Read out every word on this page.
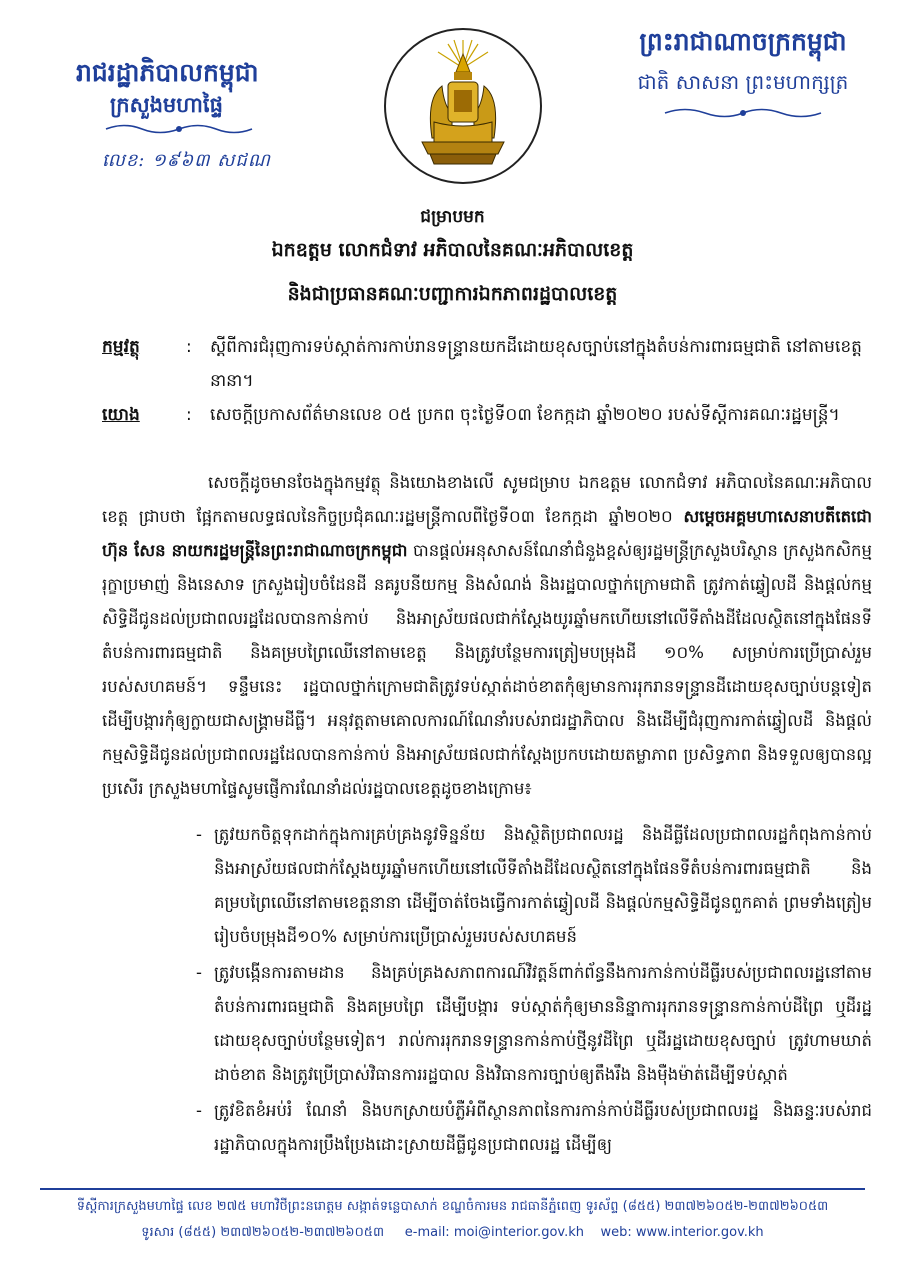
រាជរដ្ឋាភិបាលកម្ពុជា
ក្រសួងមហាផ្ទៃ
លេខ: ១៩៦៣ សជណ
ព្រះរាជាណាចក្រកម្ពុជា
ជាតិ សាសនា ព្រះមហាក្សត្រ
ជម្រាបមក
ឯកឧត្តម លោកជំទាវ អភិបាលនៃគណៈអភិបាលខេត្ត
និងជាប្រធានគណៈបញ្ជាការឯកភាពរដ្ឋបាលខេត្ត
កម្មវត្ថុ	: ស្តីពីការជំរុញការទប់ស្កាត់ការកាប់រានទន្ទ្រានយកដីដោយខុសច្បាប់នៅក្នុងតំបន់ការពារធម្មជាតិ នៅតាមខេត្តនានា។
យោង	: សេចក្តីប្រកាសព័ត៌មានលេខ ០៥ ប្រកព ចុះថ្ងៃទី០៣ ខែកក្កដា ឆ្នាំ២០២០ របស់ទីស្តីការគណៈរដ្ឋមន្ត្រី។
សេចក្តីដូចមានចែងក្នុងកម្មវត្ថុ និងយោងខាងលើ សូមជម្រាប ឯកឧត្តម លោកជំទាវ អភិបាលនៃគណៈអភិបាលខេត្ត ជ្រាបថា ផ្អែកតាមលទ្ធផលនៃកិច្ចប្រជុំគណៈរដ្ឋមន្ត្រីកាលពីថ្ងៃទី០៣ ខែកក្កដា ឆ្នាំ២០២០ សម្តេចអគ្គមហាសេនាបតីតេជោ ហ៊ុន សែន នាយករដ្ឋមន្ត្រីនៃព្រះរាជាណាចក្រកម្ពុជា បានផ្តល់អនុសាសន៍ណែនាំជំនួងខ្ពស់ឲ្យរដ្ឋមន្ត្រីក្រសួងបរិស្ថាន ក្រសួងកសិកម្ម រុក្ខាប្រមាញ់ និងនេសាទ ក្រសួងរៀបចំដែនដី នគរូបនីយកម្ម និងសំណង់ និងរដ្ឋបាលថ្នាក់ក្រោមជាតិ ត្រូវកាត់ឆ្វៀលដី និងផ្តល់កម្មសិទ្ធិដីជូនដល់ប្រជាពលរដ្ឋដែលបានកាន់កាប់ និងអាស្រ័យផលជាក់ស្តែងយូរឆ្នាំមកហើយនៅលើទីតាំងដីដែលស្ថិតនៅក្នុងផែនទីតំបន់ការពារធម្មជាតិ និងគម្របព្រៃឈើនៅតាមខេត្ត និងត្រូវបន្ថែមការត្រៀមបម្រុងដី ១០% សម្រាប់ការប្រើប្រាស់រួមរបស់សហគមន៍។ ទន្ទឹមនេះ រដ្ឋបាលថ្នាក់ក្រោមជាតិត្រូវទប់ស្កាត់ដាច់ខាតកុំឲ្យមានការរុករានទន្ទ្រានដីដោយខុសច្បាប់បន្តទៀត ដើម្បីបង្ការកុំឲ្យក្លាយជាសង្គ្រាមដីធ្លី។ អនុវត្តតាមគោលការណ៍ណែនាំរបស់រាជរដ្ឋាភិបាល និងដើម្បីជំរុញការកាត់ឆ្វៀលដី និងផ្តល់កម្មសិទ្ធិដីជូនដល់ប្រជាពលរដ្ឋដែលបានកាន់កាប់ និងអាស្រ័យផលជាក់ស្តែងប្រកបដោយតម្លាភាព ប្រសិទ្ធភាព និងទទួលឲ្យបានល្អប្រសើរ ក្រសួងមហាផ្ទៃសូមផ្ញើការណែនាំដល់រដ្ឋបាលខេត្តដូចខាងក្រោម៖
- ត្រូវយកចិត្តទុកដាក់ក្នុងការគ្រប់គ្រងនូវទិន្នន័យ និងស្ថិតិប្រជាពលរដ្ឋ និងដីធ្លីដែលប្រជាពលរដ្ឋកំពុងកាន់កាប់ និងអាស្រ័យផលជាក់ស្តែងយូរឆ្នាំមកហើយនៅលើទីតាំងដីដែលស្ថិតនៅក្នុងផែនទីតំបន់ការពារធម្មជាតិ និងគម្របព្រៃឈើនៅតាមខេត្តនានា ដើម្បីចាត់ចែងធ្វើការកាត់ឆ្វៀលដី និងផ្តល់កម្មសិទ្ធិដីជូនពួកគាត់ ព្រមទាំងត្រៀមរៀបចំបម្រុងដី១០% សម្រាប់ការប្រើប្រាស់រួមរបស់សហគមន៍
- ត្រូវបង្កើនការតាមដាន និងគ្រប់គ្រងសភាពការណ៍វិវត្តន៍ពាក់ព័ន្ធនឹងការកាន់កាប់ដីធ្លីរបស់ប្រជាពលរដ្ឋនៅតាមតំបន់ការពារធម្មជាតិ និងគម្របព្រៃ ដើម្បីបង្ការ ទប់ស្កាត់កុំឲ្យមាននិន្នាការរុករានទន្ទ្រានកាន់កាប់ដីព្រៃ ឬដីរដ្ឋដោយខុសច្បាប់បន្ថែមទៀត។ រាល់ការរុករានទន្ទ្រានកាន់កាប់ថ្មីនូវដីព្រៃ ឬដីរដ្ឋដោយខុសច្បាប់ ត្រូវហាមឃាត់ដាច់ខាត និងត្រូវប្រើប្រាស់វិធានការរដ្ឋបាល និងវិធានការច្បាប់ឲ្យតឹងរឹង និងម៉ឺងម៉ាត់ដើម្បីទប់ស្កាត់
- ត្រូវខិតខំអប់រំ ណែនាំ និងបកស្រាយបំភ្លឺអំពីស្ថានភាពនៃការកាន់កាប់ដីធ្លីរបស់ប្រជាពលរដ្ឋ និងឆន្ទៈរបស់រាជរដ្ឋាភិបាលក្នុងការប្រឹងប្រែងដោះស្រាយដីធ្លីជូនប្រជាពលរដ្ឋ ដើម្បីឲ្យ
ទីស្តីការក្រសួងមហាផ្ទៃ លេខ ២៧៥ មហាវិថីព្រះនរោត្តម សង្កាត់ទន្លេបាសាក់ ខណ្ឌចំការមន រាជធានីភ្នំពេញ ទូរស័ព្ទ (៨៥៥) ២៣៧២៦០៥២-២៣៧២៦០៥៣
ទូរសារ (៨៥៥) ២៣៧២៦០៥២-២៣៧២៦០៥៣ e-mail: moi@interior.gov.kh web: www.interior.gov.kh
